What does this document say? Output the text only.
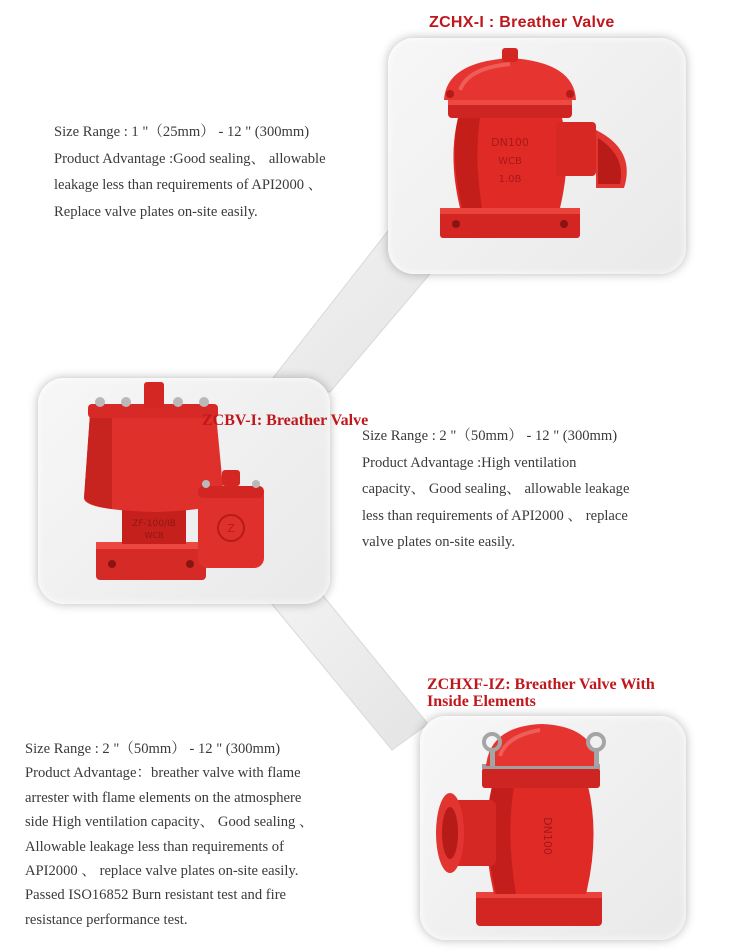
DN100
WCB
1.0B
ZCHX-I : Breather Valve

Size Range : 1 "（25mm） - 12 " (300mm)

Product Advantage :Good sealing、 allowable

leakage less than requirements of API2000 、

Replace valve plates on-site easily.

ZF-100/ⅠB
WCB
Z
ZCBV-I: Breather Valve

Size Range : 2 "（50mm） - 12 " (300mm)

Product Advantage :High ventilation

capacity、 Good sealing、 allowable leakage

less than requirements of API2000 、 replace

valve plates on-site easily.

DN100
ZCHXF-IZ: Breather Valve With
Inside Elements

Size Range : 2 "（50mm） - 12 " (300mm)

Product Advantage：breather valve with flame

arrester with flame elements on the atmosphere

side High ventilation capacity、 Good sealing 、

Allowable leakage less than requirements of

API2000 、 replace valve plates on-site easily.

Passed ISO16852 Burn resistant test and fire

resistance performance test.
